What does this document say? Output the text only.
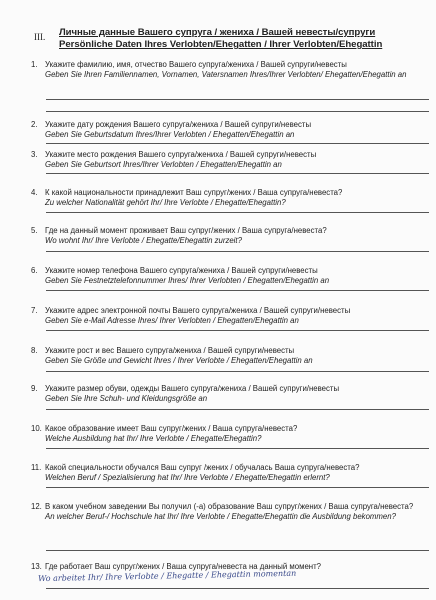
III. Личные данные Вашего супруга / жениха / Вашей невесты/супруги
Persönliche Daten Ihres Verlobten/Ehegatten / Ihrer Verlobten/Ehegattin
1. Укажите фамилию, имя, отчество Вашего супруга/жениха / Вашей супруги/невесты
Geben Sie Ihren Familiennamen, Vornamen, Vatersnamen Ihres/Ihrer Verlobten/ Ehegatten/Ehegattin an
2. Укажите дату рождения Вашего супруга/жениха / Вашей супруги/невесты
Geben Sie Geburtsdatum Ihres/Ihrer Verlobten / Ehegatten/Ehegattin an
3. Укажите место рождения Вашего супруга/жениха / Вашей супруги/невесты
Geben Sie Geburtsort Ihres/Ihrer Verlobten / Ehegatten/Ehegattin an
4. К какой национальности принадлежит Ваш супруг/жених / Ваша супруга/невеста?
Zu welcher Nationalität gehört Ihr/ Ihre Verlobte / Ehegatte/Ehegattin?
5. Где на данный момент проживает Ваш супруг/жених / Ваша супруга/невеста?
Wo wohnt Ihr/ Ihre Verlobte / Ehegatte/Ehegattin zurzeit?
6. Укажите номер телефона Вашего супруга/жениха / Вашей супруги/невесты
Geben Sie Festnetztelefonnummer Ihres/ Ihrer Verlobten / Ehegatten/Ehegattin an
7. Укажите адрес электронной почты Вашего супруга/жениха / Вашей супруги/невесты
Geben Sie e-Mail Adresse Ihres/ Ihrer Verlobten / Ehegatten/Ehegattin an
8. Укажите рост и вес Вашего супруга/жениха / Вашей супруги/невесты
Geben Sie Größe und Gewicht Ihres / Ihrer Verlobte / Ehegatten/Ehegattin an
9. Укажите размер обуви, одежды Вашего супруга/жениха / Вашей супруги/невесты
Geben Sie Ihre Schuh- und Kleidungsgröße an
10. Какое образование имеет Ваш супруг/жених / Ваша супруга/невеста?
Welche Ausbildung hat Ihr/ Ihre Verlobte / Ehegatte/Ehegattin?
11. Какой специальности обучался Ваш супруг /жених / обучалась Ваша супруга/невеста?
Welchen Beruf / Spezialisierung hat Ihr/ Ihre Verlobte / Ehegatte/Ehegattin erlernt?
12. В каком учебном заведении Вы получил (-а) образование Ваш супруг/жених / Ваша супруга/невеста?
An welcher Beruf-/ Hochschule hat Ihr/ Ihre Verlobte / Ehegatte/Ehegattin die Ausbildung bekommen?
13. Где работает Ваш супруг/жених / Ваша супруга/невеста на данный момент?
Wo arbeitet Ihr/ Ihre Verlobte / Ehegatte / Ehegattin momentan
